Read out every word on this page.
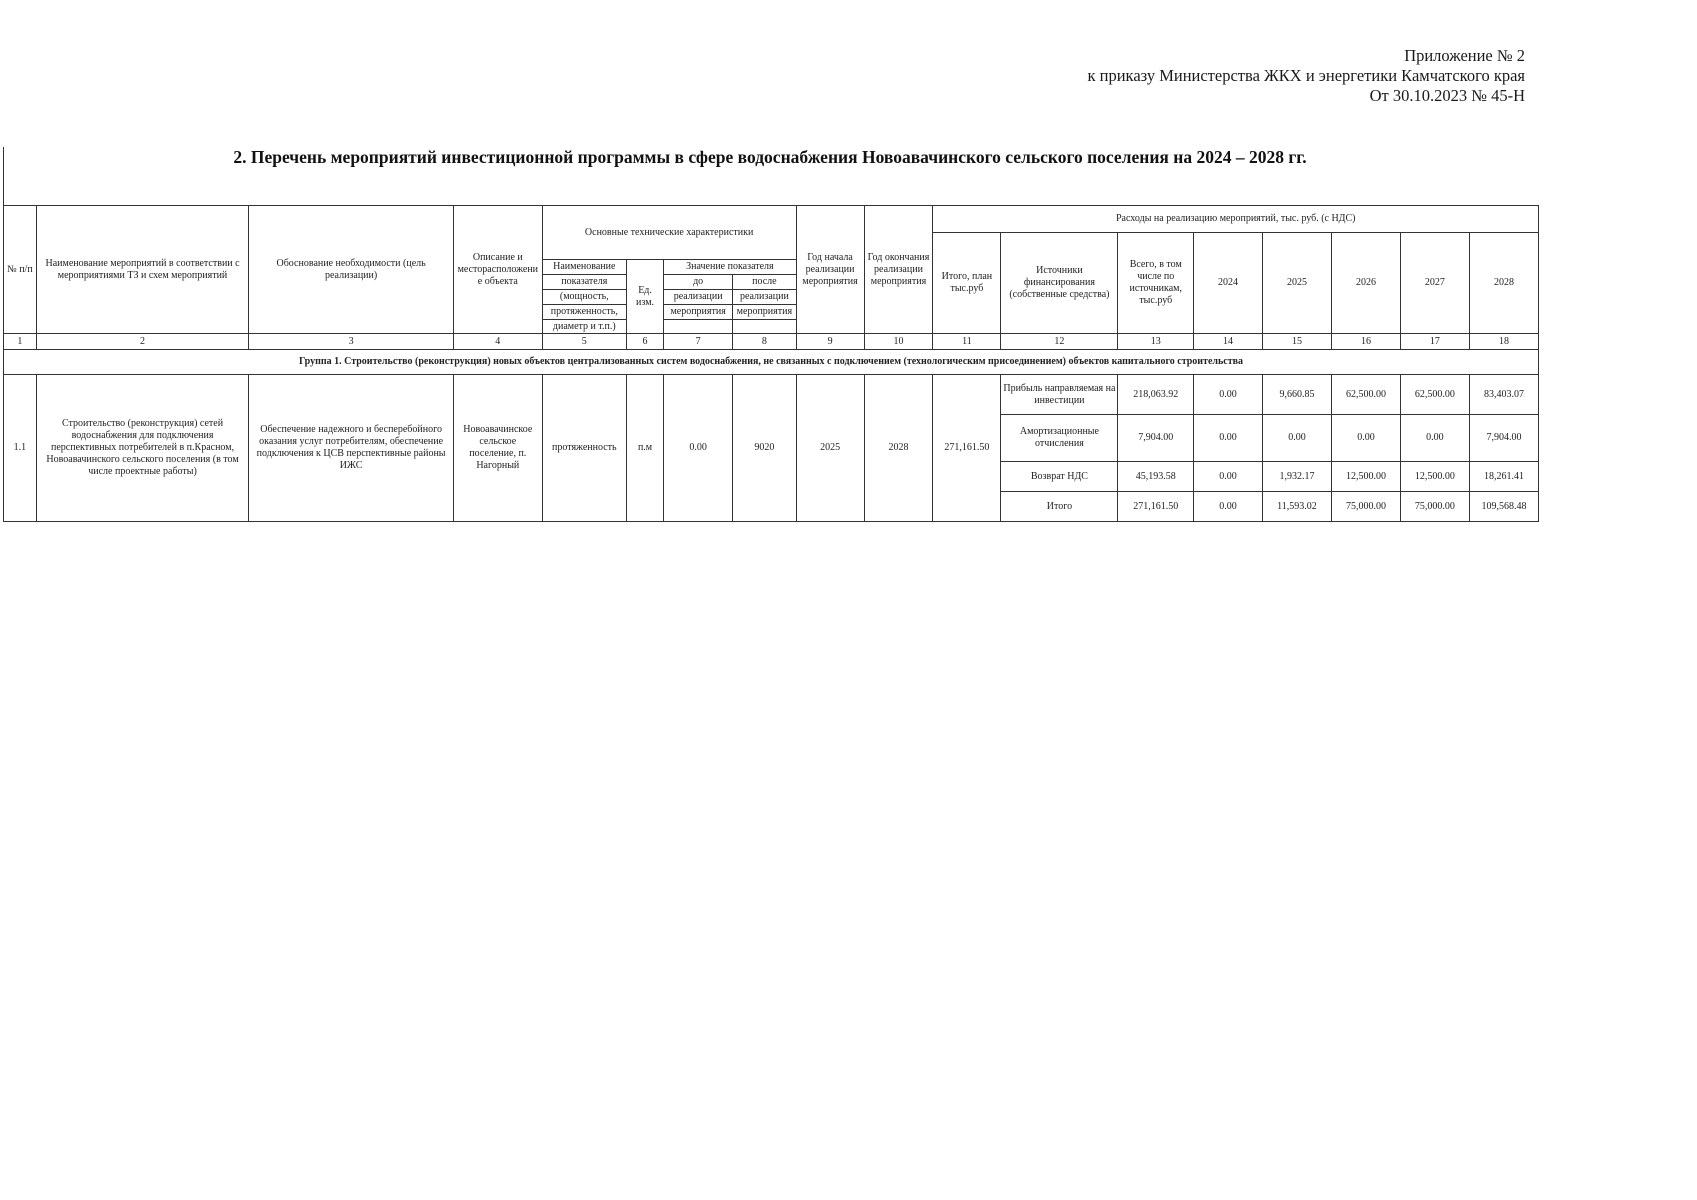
Приложение № 2
к приказу Министерства ЖКХ и энергетики Камчатского края
От 30.10.2023 № 45-Н
2. Перечень мероприятий инвестиционной программы в сфере водоснабжения Новоавачинского сельского поселения на 2024 – 2028 гг.
№ п/п	Наименование мероприятий в соответствии с мероприятиями ТЗ и схем мероприятий	Обоснование необходимости (цель реализации)	Описание и месторасположени е объекта	Основные технические характеристики				Год начала реализации мероприятия	Год окончания реализации мероприятия	Расходы на реализацию мероприятий, тыс. руб. (с НДС)							
										Итого, план тыс.руб	Источники финансирования (собственные средства)	Всего, в том числе по источникам, тыс.руб	2024	2025	2026	2027	2028
				Наименование	Ед. изм.	Значение показателя											
				показателя		до	после										
				(мощность,		реализации	реализации										
				протяженность,		мероприятия	мероприятия										
				диаметр и т.п.)													
1	2	3	4	5	6	7	8	9	10	11	12	13	14	15	16	17	18
Группа 1. Строительство (реконструкция) новых объектов централизованных систем водоснабжения, не связанных с подключением (технологическим присоединением) объектов капитального строительства																	
1.1	Строительство (реконструкция) сетей водоснабжения для подключения перспективных потребителей в п.Красном, Новоавачинского сельского поселения (в том числе проектные работы)	Обеспечение надежного и бесперебойного оказания услуг потребителям, обеспечение подключения к ЦСВ перспективные районы ИЖС	Новоавачинское сельское поселение, п. Нагорный	протяженность	п.м	0.00	9020	2025	2028	271,161.50	Прибыль направляемая на инвестиции	218,063.92	0.00	9,660.85	62,500.00	62,500.00	83,403.07
											Амортизационные отчисления	7,904.00	0.00	0.00	0.00	0.00	7,904.00
											Возврат НДС	45,193.58	0.00	1,932.17	12,500.00	12,500.00	18,261.41
											Итого	271,161.50	0.00	11,593.02	75,000.00	75,000.00	109,568.48
